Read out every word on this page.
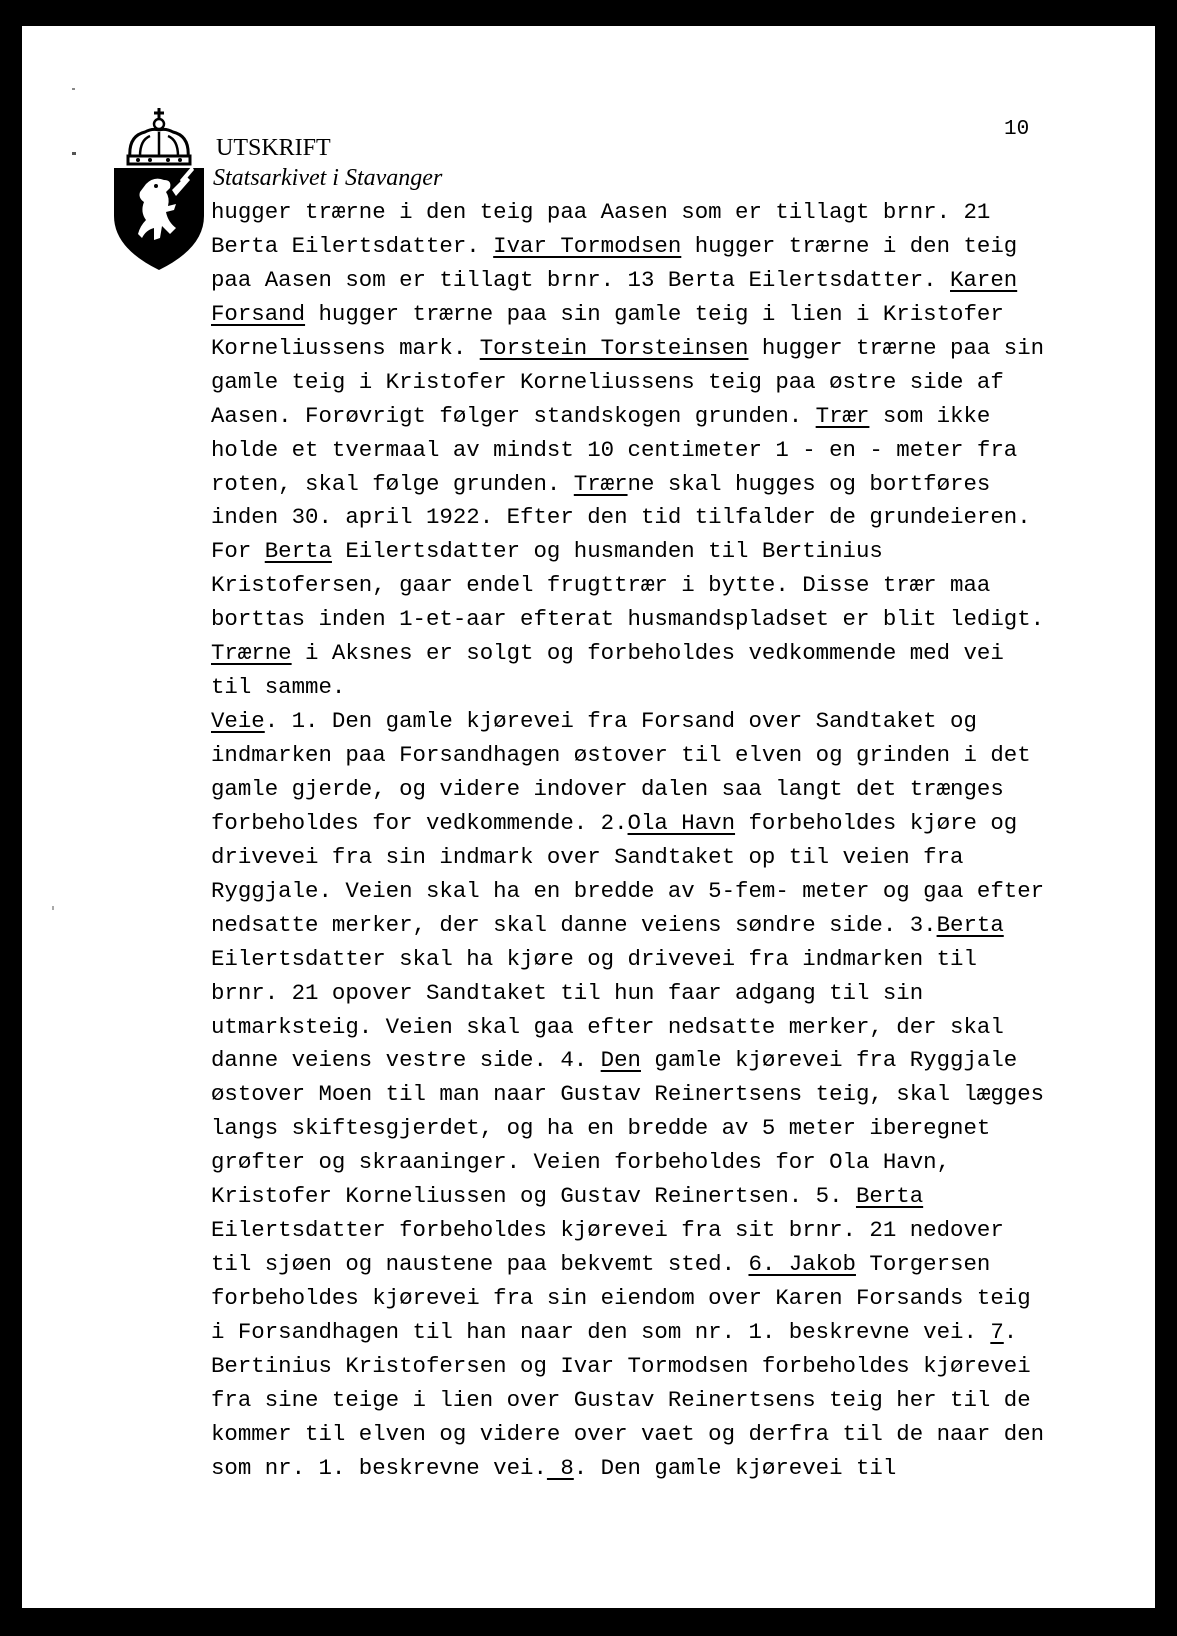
UTSKRIFT
Statsarkivet i Stavanger
10
hugger trærne i den teig paa Aasen som er tillagt brnr. 21
Berta Eilertsdatter. Ivar Tormodsen hugger trærne i den teig
paa Aasen som er tillagt brnr. 13 Berta Eilertsdatter. Karen
Forsand hugger trærne paa sin gamle teig i lien i Kristofer
Korneliussens mark. Torstein Torsteinsen hugger trærne paa sin
gamle teig i Kristofer Korneliussens teig paa østre side af
Aasen. Forøvrigt følger standskogen grunden. Trær som ikke
holde et tvermaal av mindst 10 centimeter 1 - en - meter fra
roten, skal følge grunden. Trærne skal hugges og bortføres
inden 30. april 1922. Efter den tid tilfalder de grundeieren.
For Berta Eilertsdatter og husmanden til Bertinius
Kristofersen, gaar endel frugttrær i bytte. Disse trær maa
borttas inden 1-et-aar efterat husmandspladset er blit ledigt.
Trærne i Aksnes er solgt og forbeholdes vedkommende med vei
til samme.
Veie. 1. Den gamle kjørevei fra Forsand over Sandtaket og
indmarken paa Forsandhagen østover til elven og grinden i det
gamle gjerde, og videre indover dalen saa langt det trænges
forbeholdes for vedkommende. 2.Ola Havn forbeholdes kjøre og
drivevei fra sin indmark over Sandtaket op til veien fra
Ryggjale. Veien skal ha en bredde av 5-fem- meter og gaa efter
nedsatte merker, der skal danne veiens søndre side. 3.Berta
Eilertsdatter skal ha kjøre og drivevei fra indmarken til
brnr. 21 opover Sandtaket til hun faar adgang til sin
utmarksteig. Veien skal gaa efter nedsatte merker, der skal
danne veiens vestre side. 4. Den gamle kjørevei fra Ryggjale
østover Moen til man naar Gustav Reinertsens teig, skal lægges
langs skiftesgjerdet, og ha en bredde av 5 meter iberegnet
grøfter og skraaninger. Veien forbeholdes for Ola Havn,
Kristofer Korneliussen og Gustav Reinertsen. 5. Berta
Eilertsdatter forbeholdes kjørevei fra sit brnr. 21 nedover
til sjøen og naustene paa bekvemt sted. 6. Jakob Torgersen
forbeholdes kjørevei fra sin eiendom over Karen Forsands teig
i Forsandhagen til han naar den som nr. 1. beskrevne vei. 7.
Bertinius Kristofersen og Ivar Tormodsen forbeholdes kjørevei
fra sine teige i lien over Gustav Reinertsens teig her til de
kommer til elven og videre over vaet og derfra til de naar den
som nr. 1. beskrevne vei. 8. Den gamle kjørevei til
